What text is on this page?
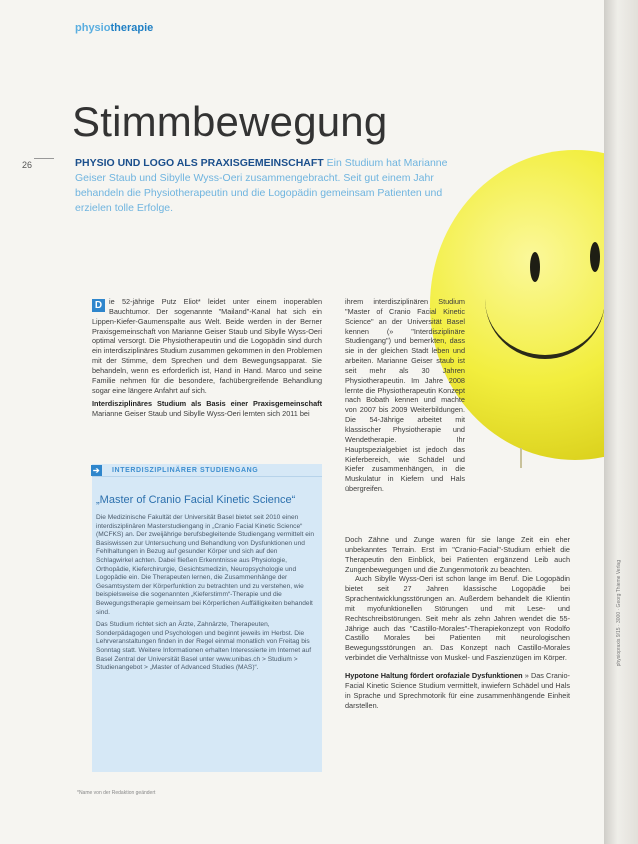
physiotherapie
26
Stimmbewegung
PHYSIO UND LOGO ALS PRAXISGEMEINSCHAFT Ein Studium hat Marianne Geiser Staub und Sibylle Wyss-Oeri zusammengebracht. Seit gut einem Jahr behandeln die Physiotherapeutin und die Logopädin gemeinsam Patienten und erzielen tolle Erfolge.

D ie 52-jährige Putz Eliot* leidet unter einem inoperablen Bauchtumor. Der sogenannte "Mailand"-Kanal hat sich ein Lippen-Kiefer-Gaumenspalte aus Welt. Beide werden in der Berner Praxisgemeinschaft von Marianne Geiser Staub und Sibylle Wyss-Oeri optimal versorgt. Die Physiotherapeutin und die Logopädin sind durch ein interdisziplinäres Studium zusammen gekommen in den Problemen mit der Stimme, dem Sprechen und dem Bewegungsapparat. Sie behandeln, wenn es erforderlich ist, Hand in Hand. Marco und seine Familie nehmen für die besondere, fachübergreifende Behandlung sogar eine längere Anfahrt auf sich.

Interdisziplinäres Studium als Basis einer Praxisgemeinschaft Marianne Geiser Staub und Sibylle Wyss-Oeri lernten sich 2011 bei

ihrem interdisziplinären Studium "Master of Cranio Facial Kinetic Science" an der Universität Basel kennen (» "Interdisziplinäre Studiengang") und bemerkten, dass sie in der gleichen Stadt leben und arbeiten. Marianne Geiser staub ist seit mehr als 30 Jahren Physiotherapeutin. Im Jahre 2008 lernte die Physiotherapeutin Konzept nach Bobath kennen und machte von 2007 bis 2009 Weiterbildungen. Die 54-Jährige arbeitet mit klassischer Physiotherapie und Wendetherapie. Ihr Hauptspezialgebiet ist jedoch das Kieferbereich, wie Schädel und Kiefer zusammenhängen, in die Muskulatur in Kiefern und Hals übergreifen.

Doch Zähne und Zunge waren für sie lange Zeit ein eher unbekanntes Terrain. Erst im "Cranio-Facial"-Studium erhielt die Therapeutin den Einblick, bei Patienten ergänzend Leib auch Zungenbewegungen und die Zungenmotorik zu beachten.

Auch Sibylle Wyss-Oeri ist schon lange im Beruf. Die Logopädin bietet seit 27 Jahren klassische Logopädie bei Sprachentwicklungsstörungen an. Außerdem behandelt die Klientin mit myofunktionellen Störungen und mit Lese- und Rechtschreibstörungen. Seit mehr als zehn Jahren wendet die 55-Jährige auch das "Castillo-Morales"-Therapiekonzept von Rodolfo Castillo Morales bei Patienten mit neurologischen Bewegungsstörungen an. Das Konzept nach Castillo-Morales verbindet die Verhältnisse von Muskel- und Faszienzügen im Körper.

Hypotone Haltung fördert orofaziale Dysfunktionen » Das Cranio-Facial Kinetic Science Studium vermittelt, inwiefern Schädel und Hals in Sprache und Sprechmotorik für eine zusammenhängende Einheit darstellen.

➔ INTERDISZIPLINÄRER STUDIENGANG
„Master of Cranio Facial Kinetic Science“

Die Medizinische Fakultät der Universität Basel bietet seit 2010 einen interdisziplinären Masterstudiengang in „Cranio Facial Kinetic Science“ (MCFKS) an. Der zweijährige berufsbegleitende Studiengang vermittelt ein Basiswissen zur Untersuchung und Behandlung von Dysfunktionen und Fehlhaltungen in Bezug auf gesunder Körper und sich auf den Schlagwirkel achten. Dabei fließen Erkenntnisse aus Physiologie, Orthopädie, Kieferchirurgie, Gesichtsmedizin, Neuropsychologie und Logopädie ein. Die Therapeuten lernen, die Zusammenhänge der Gesamtsystem der Körperfunktion zu betrachten und zu verstehen, wie beispielsweise die sogenannten „Kieferstimm“-Therapie und die Bewegungstherapie gemeinsam bei Körperlichen Auffälligkeiten behandelt sind.

Das Studium richtet sich an Ärzte, Zahnärzte, Therapeuten, Sonderpädagogen und Psychologen und beginnt jeweils im Herbst. Die Lehrveranstaltungen finden in der Regel einmal monatlich von Freitag bis Sonntag statt. Weitere Informationen erhalten Interessierte im Internet auf Basel Zentral der Universität Basel unter www.unibas.ch > Studium > Studienangebot > „Master of Advanced Studies (MAS)“.

*Name von der Redaktion geändert
physiopraxis 9/15 · 3000 · Georg Thieme Verlag
